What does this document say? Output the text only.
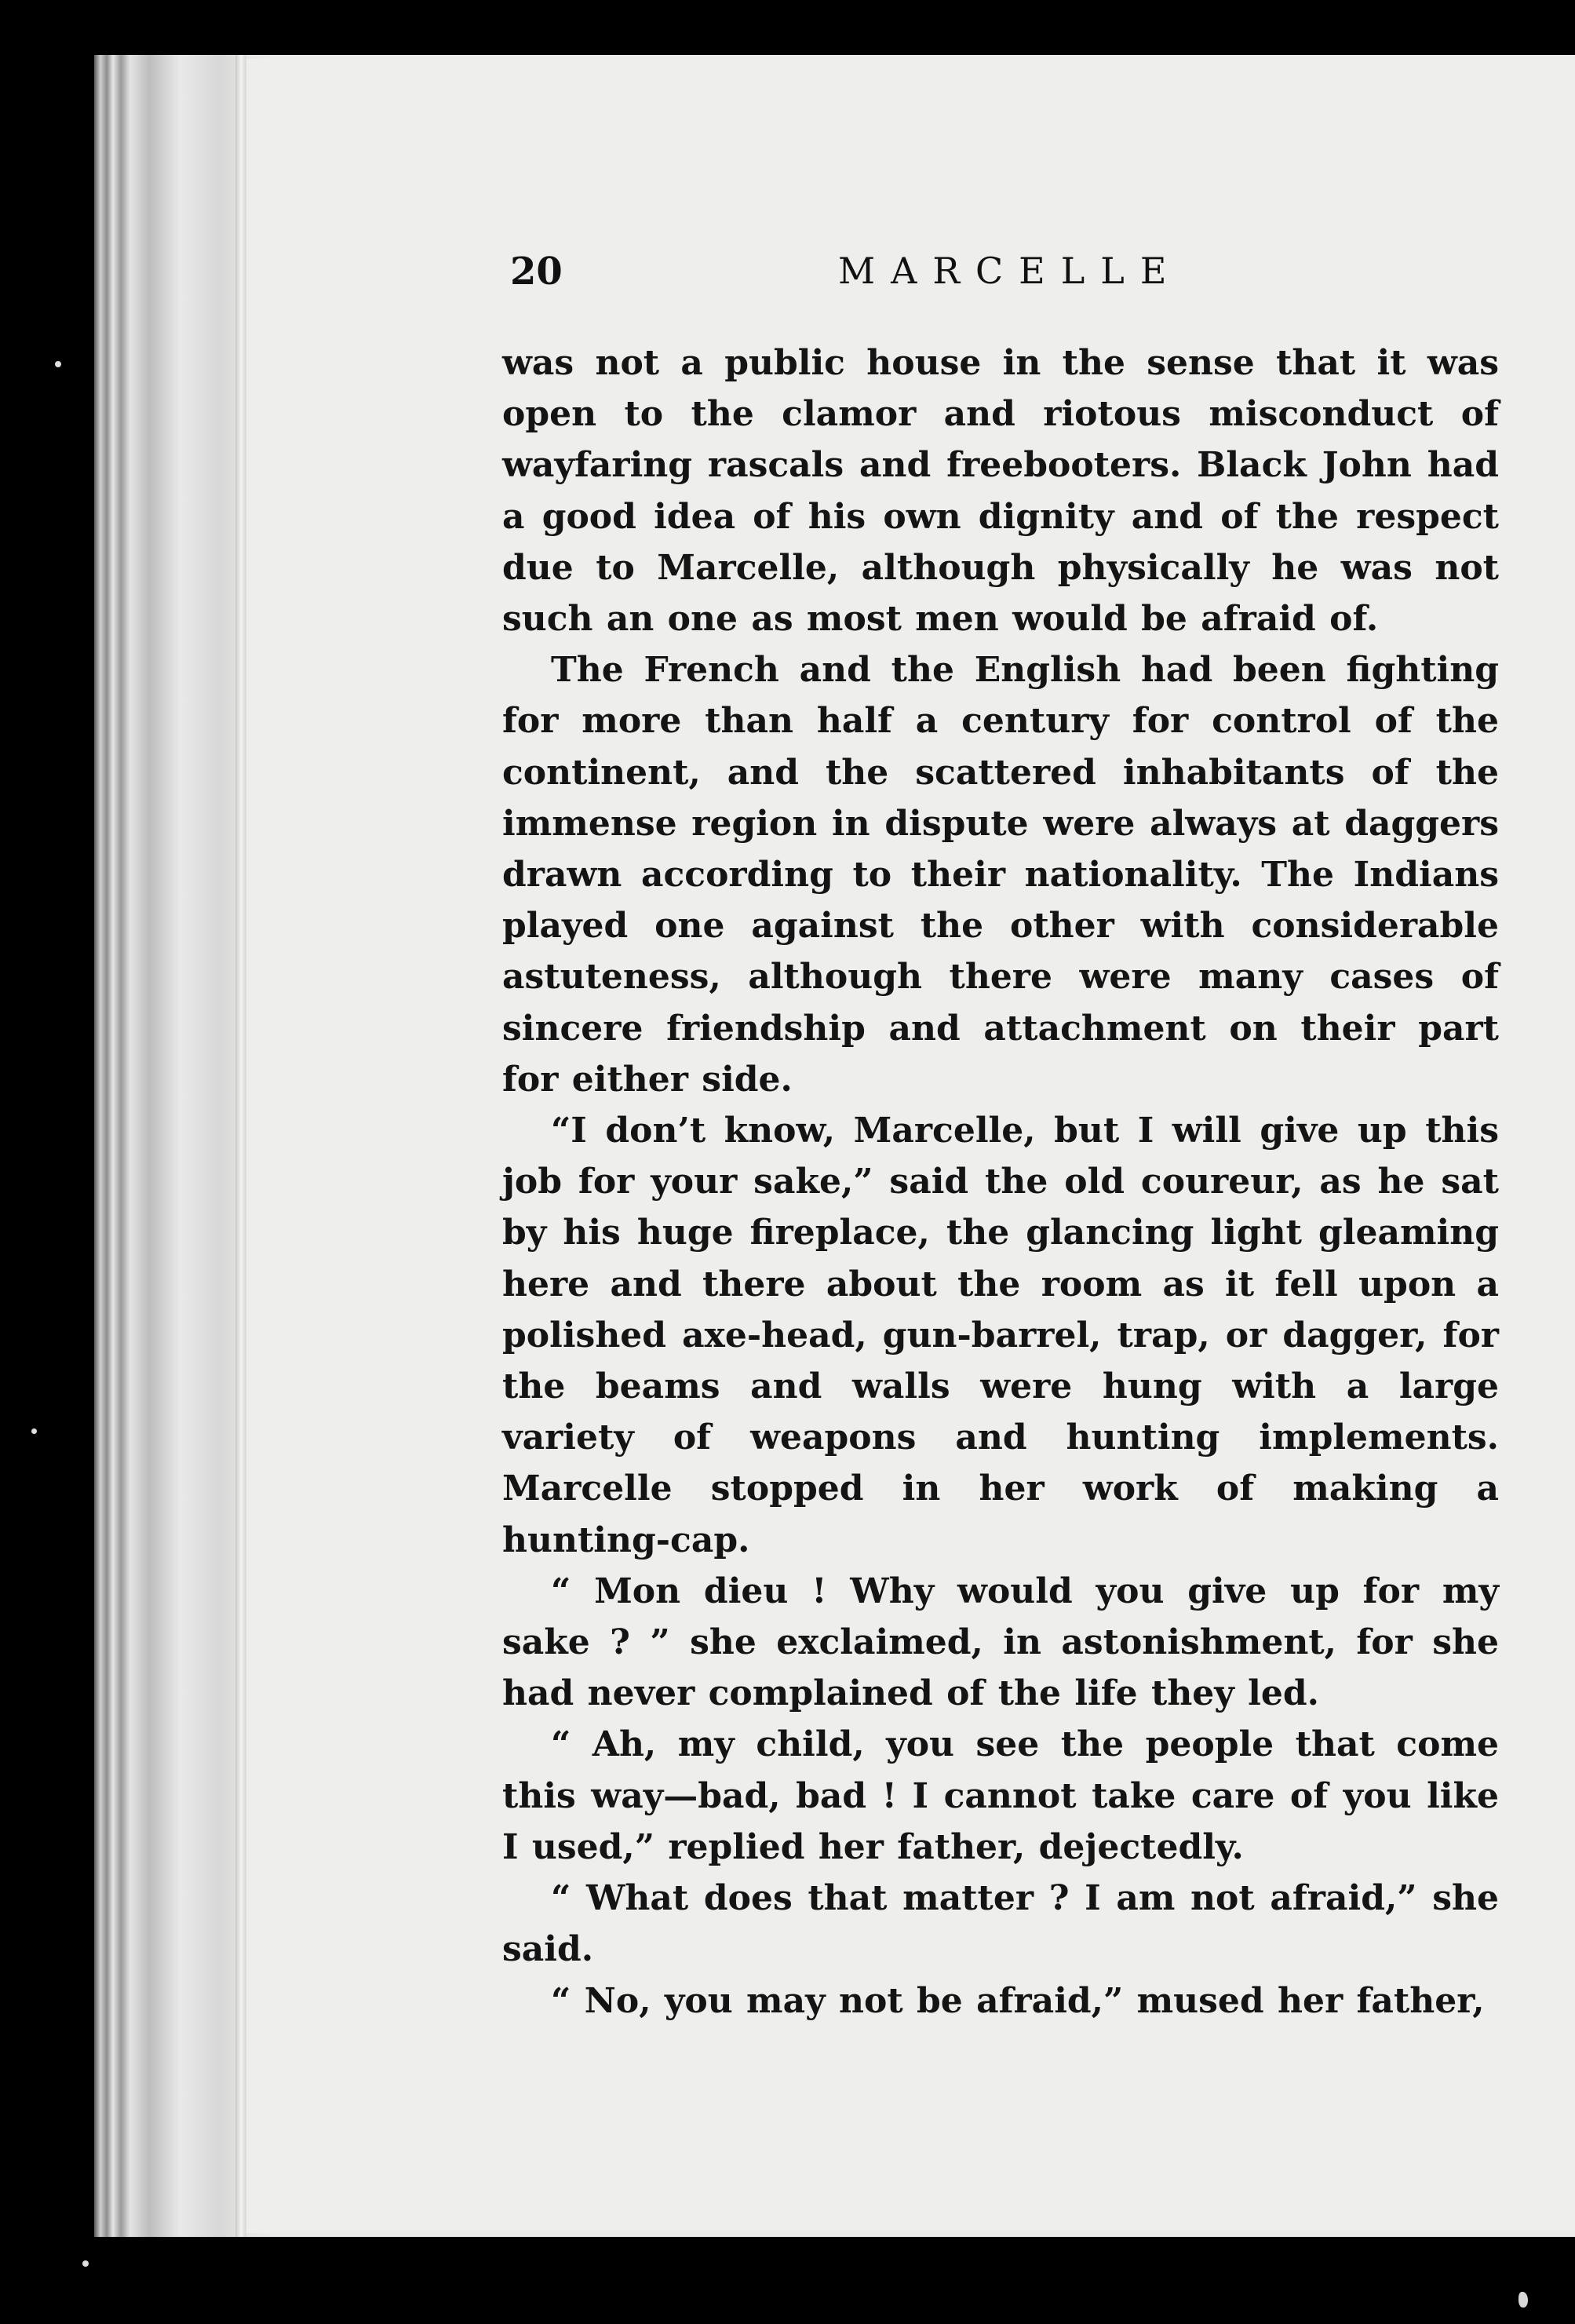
20	MARCELLE

was not a public house in the sense that it was open to the clamor and riotous misconduct of wayfaring rascals and freebooters. Black John had a good idea of his own dignity and of the respect due to Marcelle, although physically he was not such an one as most men would be afraid of.

The French and the English had been fighting for more than half a century for control of the continent, and the scattered inhabitants of the immense region in dispute were always at daggers drawn according to their nationality. The Indians played one against the other with considerable astuteness, although there were many cases of sincere friendship and attachment on their part for either side.

“I don’t know, Marcelle, but I will give up this job for your sake,” said the old coureur, as he sat by his huge fireplace, the glancing light gleaming here and there about the room as it fell upon a polished axe-head, gun-barrel, trap, or dagger, for the beams and walls were hung with a large variety of weapons and hunting implements. Marcelle stopped in her work of making a hunting-cap.

“ Mon dieu ! Why would you give up for my sake ? ” she exclaimed, in astonishment, for she had never complained of the life they led.

“ Ah, my child, you see the people that come this way—bad, bad ! I cannot take care of you like I used,” replied her father, dejectedly.

“ What does that matter ? I am not afraid,” she said.

“ No, you may not be afraid,” mused her father,
